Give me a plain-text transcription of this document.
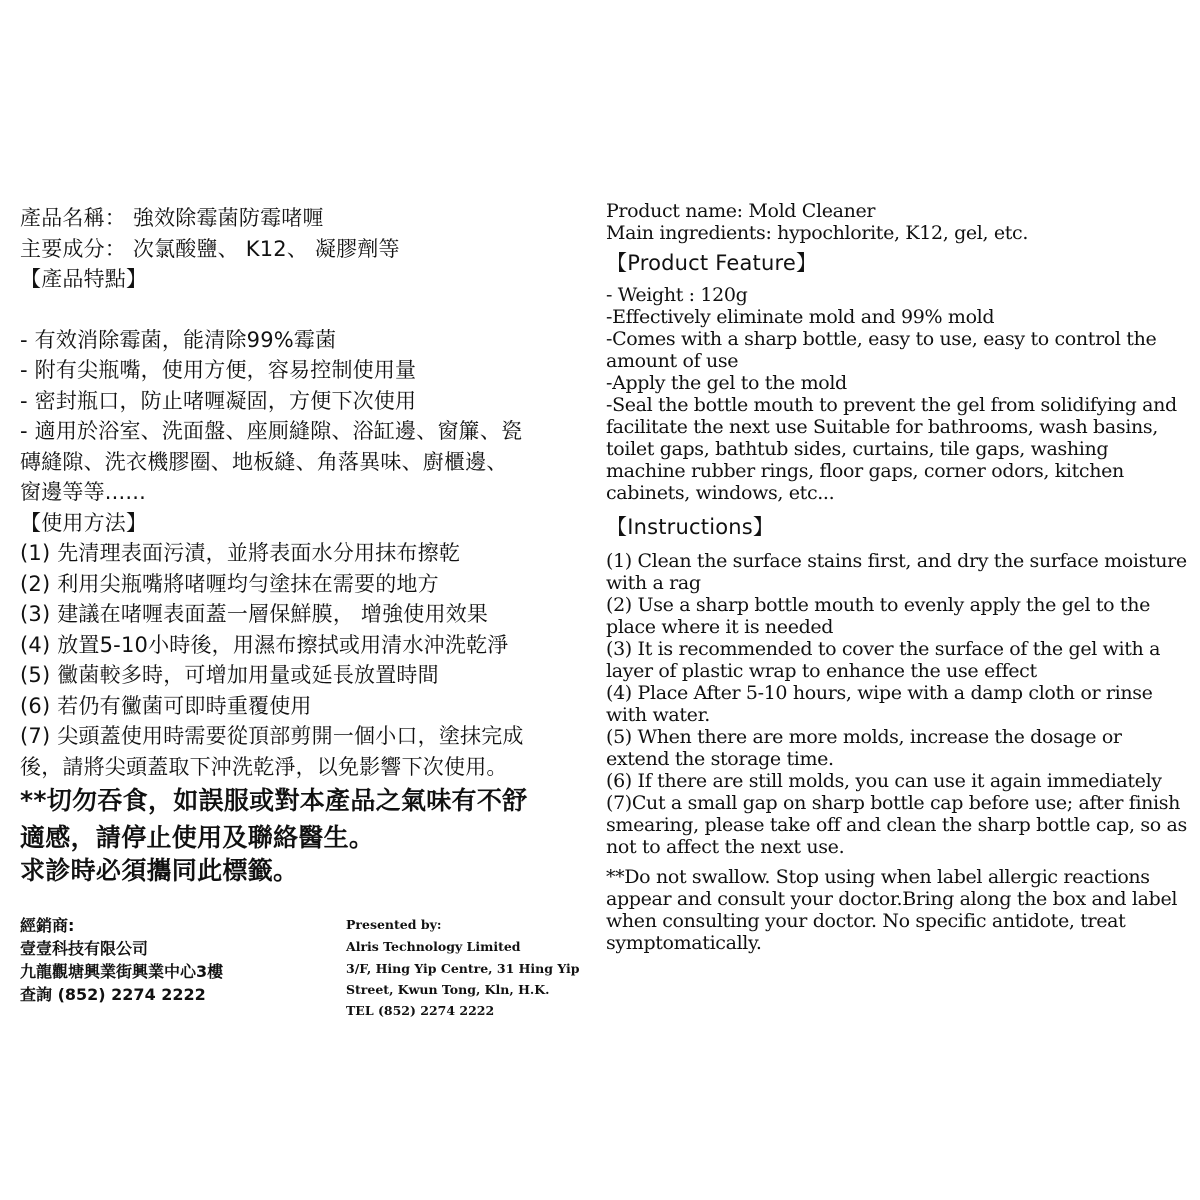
產品名稱： 強效除霉菌防霉啫喱

主要成分： 次氯酸鹽、 K12、 凝膠劑等

【產品特點】

- 有效消除霉菌，能清除99%霉菌

- 附有尖瓶嘴，使用方便，容易控制使用量

- 密封瓶口，防止啫喱凝固，方便下次使用

- 適用於浴室、洗面盤、座厠縫隙、浴缸邊、窗簾、瓷

磚縫隙、洗衣機膠圈、地板縫、角落異味、廚櫃邊、

窗邊等等......

【使用方法】

(1) 先清理表面污漬，並將表面水分用抹布擦乾

(2) 利用尖瓶嘴將啫喱均勻塗抹在需要的地方

(3) 建議在啫喱表面蓋一層保鮮膜， 增強使用效果

(4) 放置5-10小時後，用濕布擦拭或用清水沖洗乾淨

(5) 黴菌較多時，可增加用量或延長放置時間

(6) 若仍有黴菌可即時重覆使用

(7) 尖頭蓋使用時需要從頂部剪開一個小口，塗抹完成

後，請將尖頭蓋取下沖洗乾淨，以免影響下次使用。

**切勿吞食，如誤服或對本產品之氣味有不舒

適感，請停止使用及聯絡醫生。

求診時必須攜同此標籤。

經銷商:

壹壹科技有限公司

九龍觀塘興業街興業中心3樓

查詢 (852) 2274 2222

Presented by:

Alris Technology Limited

3/F, Hing Yip Centre, 31 Hing Yip Street, Kwun Tong, Kln, H.K.

TEL (852) 2274 2222

Product name: Mold Cleaner

Main ingredients: hypochlorite, K12, gel, etc.

【Product Feature】

- Weight : 120g

-Effectively eliminate mold and 99% mold

-Comes with a sharp bottle, easy to use, easy to control the amount of use

-Apply the gel to the mold

-Seal the bottle mouth to prevent the gel from solidifying and facilitate the next use Suitable for bathrooms, wash basins, toilet gaps, bathtub sides, curtains, tile gaps, washing machine rubber rings, floor gaps, corner odors, kitchen cabinets, windows, etc...

【Instructions】

(1) Clean the surface stains first, and dry the surface moisture with a rag

(2) Use a sharp bottle mouth to evenly apply the gel to the place where it is needed

(3) It is recommended to cover the surface of the gel with a layer of plastic wrap to enhance the use effect

(4) Place After 5-10 hours, wipe with a damp cloth or rinse with water.

(5) When there are more molds, increase the dosage or extend the storage time.

(6) If there are still molds, you can use it again immediately

(7)Cut a small gap on sharp bottle cap before use; after finish smearing, please take off and clean the sharp bottle cap, so as not to affect the next use.

**Do not swallow. Stop using when label allergic reactions appear and consult your doctor.Bring along the box and label when consulting your doctor. No specific antidote, treat symptomatically.
